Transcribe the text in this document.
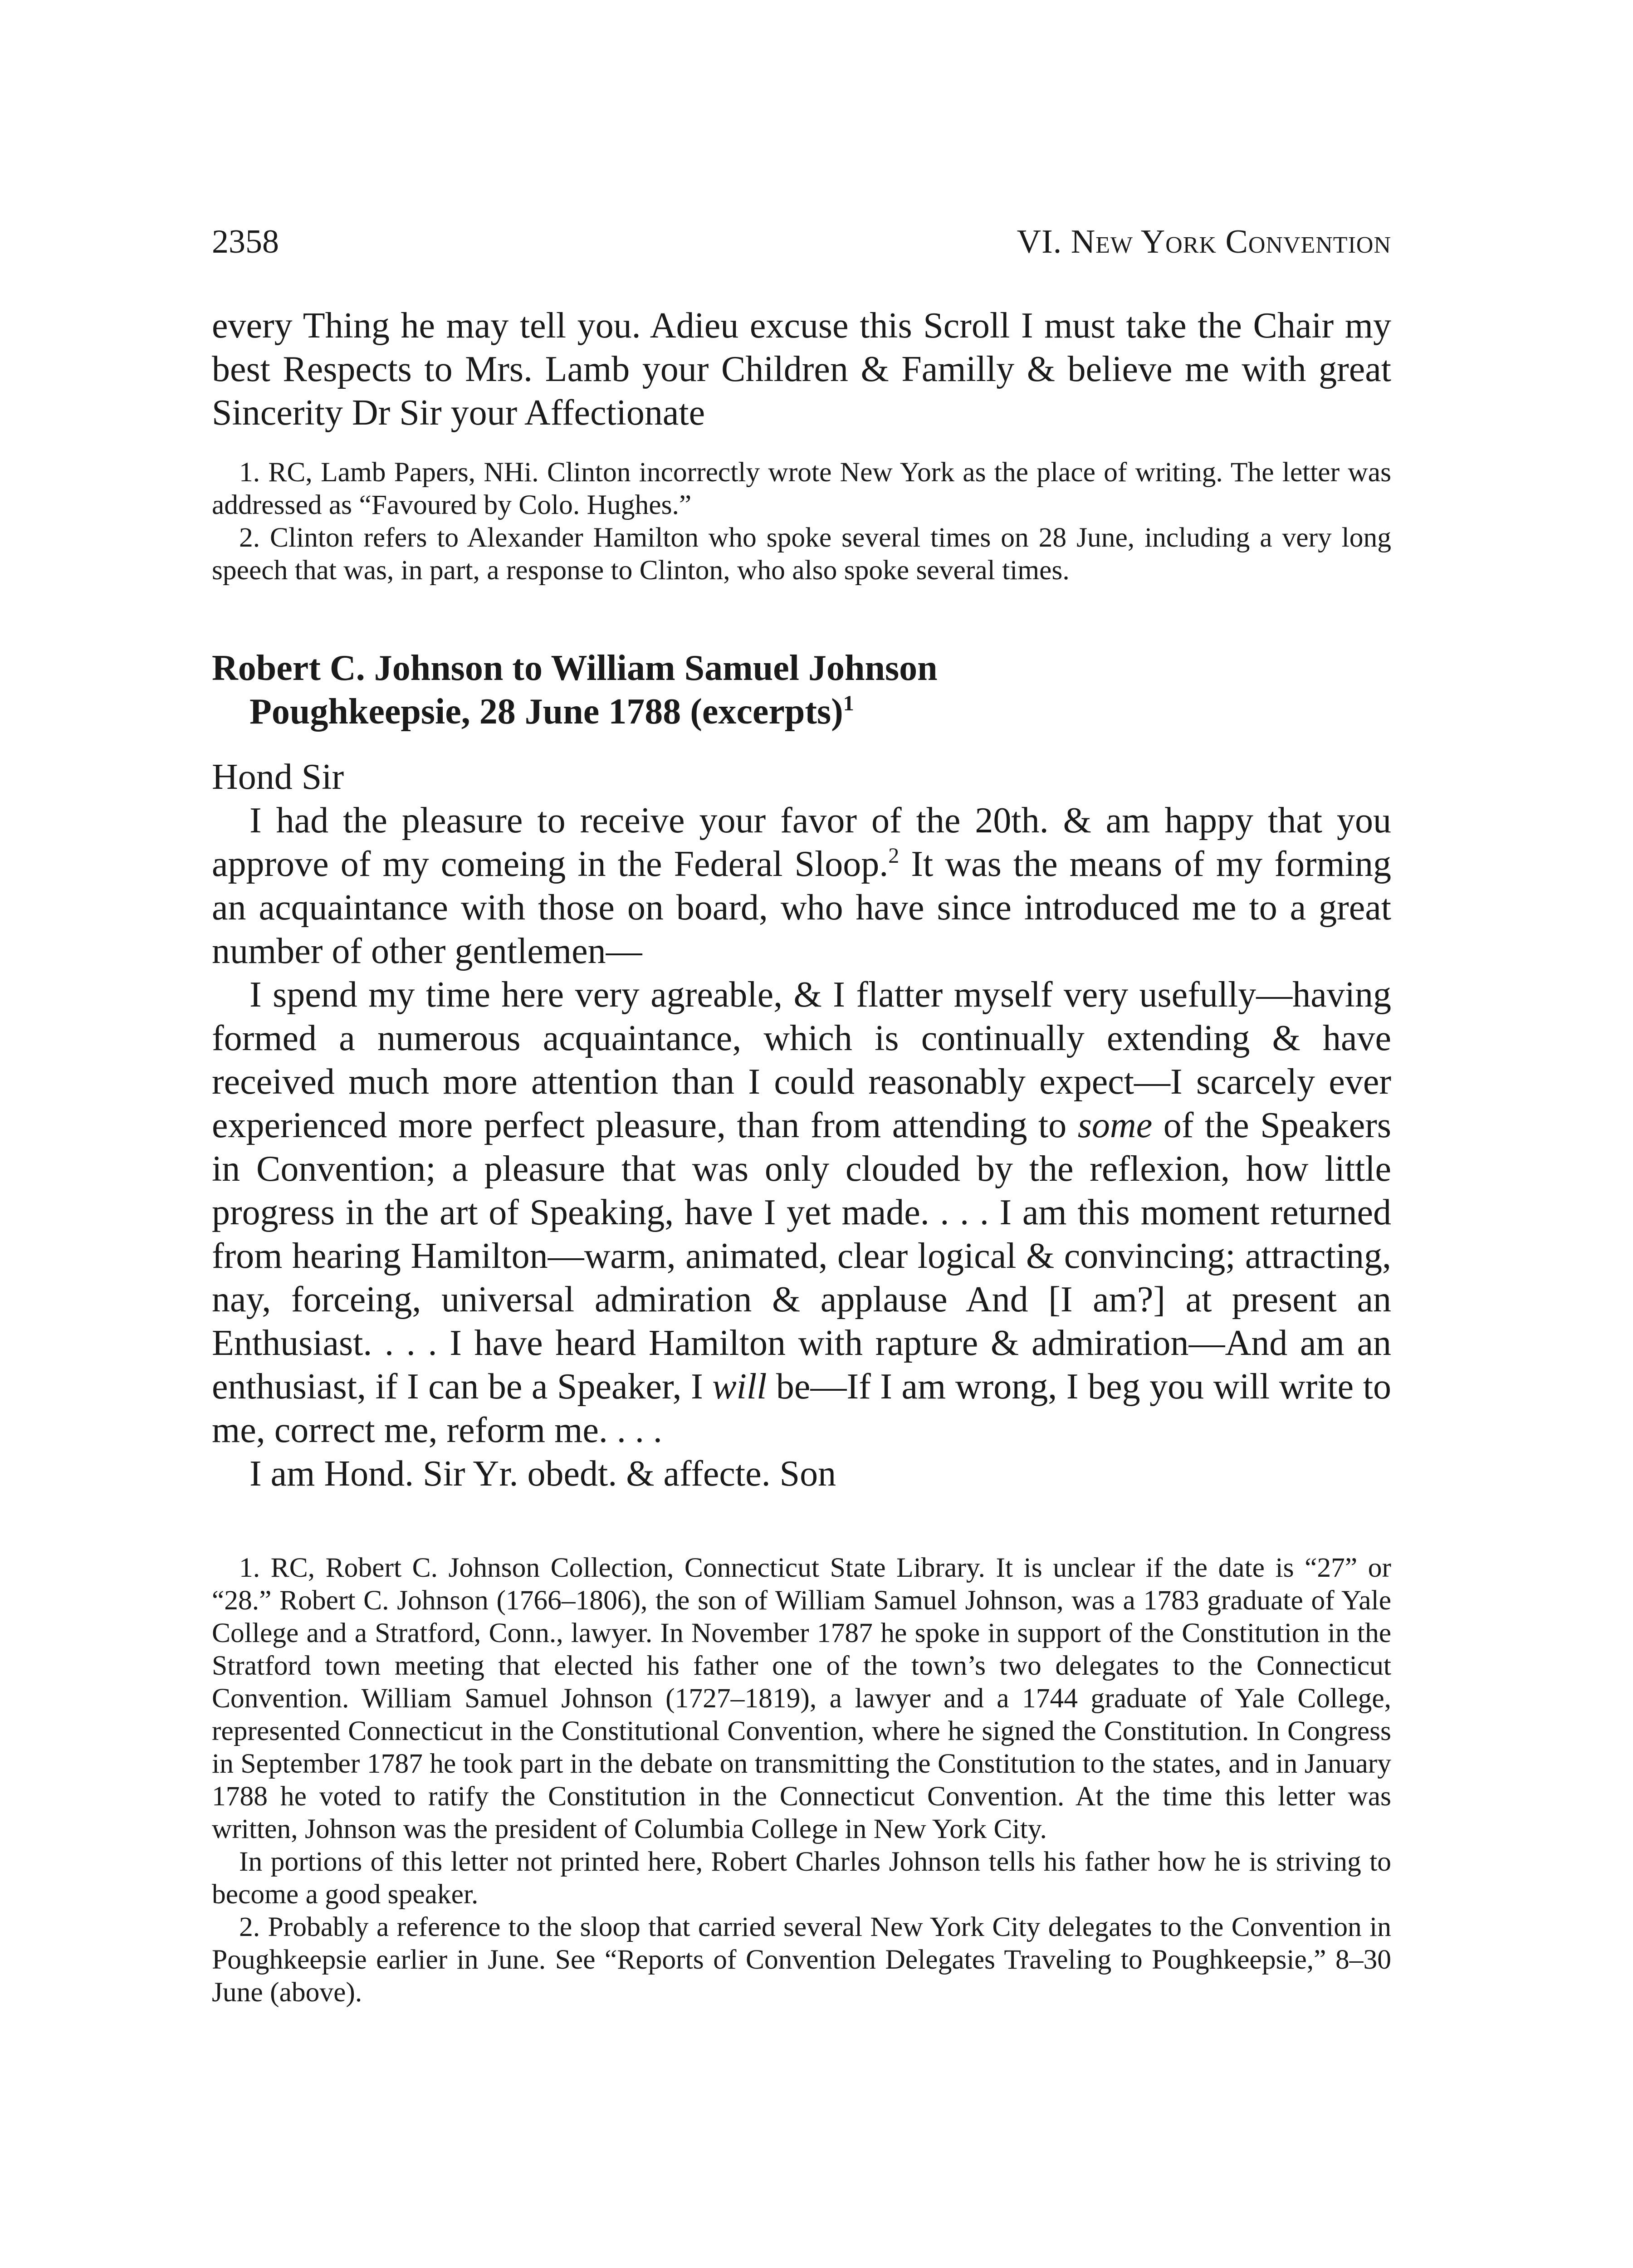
2358	VI. New York Convention

every Thing he may tell you. Adieu excuse this Scroll I must take the Chair my best Respects to Mrs. Lamb your Children & Familly & believe me with great Sincerity Dr Sir your Affectionate

1. RC, Lamb Papers, NHi. Clinton incorrectly wrote New York as the place of writing. The letter was addressed as “Favoured by Colo. Hughes.”

2. Clinton refers to Alexander Hamilton who spoke several times on 28 June, including a very long speech that was, in part, a response to Clinton, who also spoke several times.

Robert C. Johnson to William Samuel Johnson
Poughkeepsie, 28 June 1788 (excerpts)$^1$

Hond Sir

I had the pleasure to receive your favor of the 20th. & am happy that you approve of my comeing in the Federal Sloop.$^2$ It was the means of my forming an acquaintance with those on board, who have since introduced me to a great number of other gentlemen—

I spend my time here very agreable, & I flatter myself very usefully—having formed a numerous acquaintance, which is continually extending & have received much more attention than I could reasonably expect—I scarcely ever experienced more perfect pleasure, than from attending to some of the Speakers in Convention; a pleasure that was only clouded by the reflexion, how little progress in the art of Speaking, have I yet made. . . . I am this moment returned from hearing Hamilton—warm, animated, clear logical & convincing; attracting, nay, forceing, universal admiration & applause And [I am?] at present an Enthusiast. . . . I have heard Hamilton with rapture & admiration—And am an enthusiast, if I can be a Speaker, I will be—If I am wrong, I beg you will write to me, correct me, reform me. . . .

I am Hond. Sir Yr. obedt. & affecte. Son

1. RC, Robert C. Johnson Collection, Connecticut State Library. It is unclear if the date is “27” or “28.” Robert C. Johnson (1766–1806), the son of William Samuel Johnson, was a 1783 graduate of Yale College and a Stratford, Conn., lawyer. In November 1787 he spoke in support of the Constitution in the Stratford town meeting that elected his father one of the town’s two delegates to the Connecticut Convention. William Samuel Johnson (1727–1819), a lawyer and a 1744 graduate of Yale College, represented Connecticut in the Constitutional Convention, where he signed the Constitution. In Congress in September 1787 he took part in the debate on transmitting the Constitution to the states, and in January 1788 he voted to ratify the Constitution in the Connecticut Convention. At the time this letter was written, Johnson was the president of Columbia College in New York City.

In portions of this letter not printed here, Robert Charles Johnson tells his father how he is striving to become a good speaker.

2. Probably a reference to the sloop that carried several New York City delegates to the Convention in Poughkeepsie earlier in June. See “Reports of Convention Delegates Traveling to Poughkeepsie,” 8–30 June (above).
